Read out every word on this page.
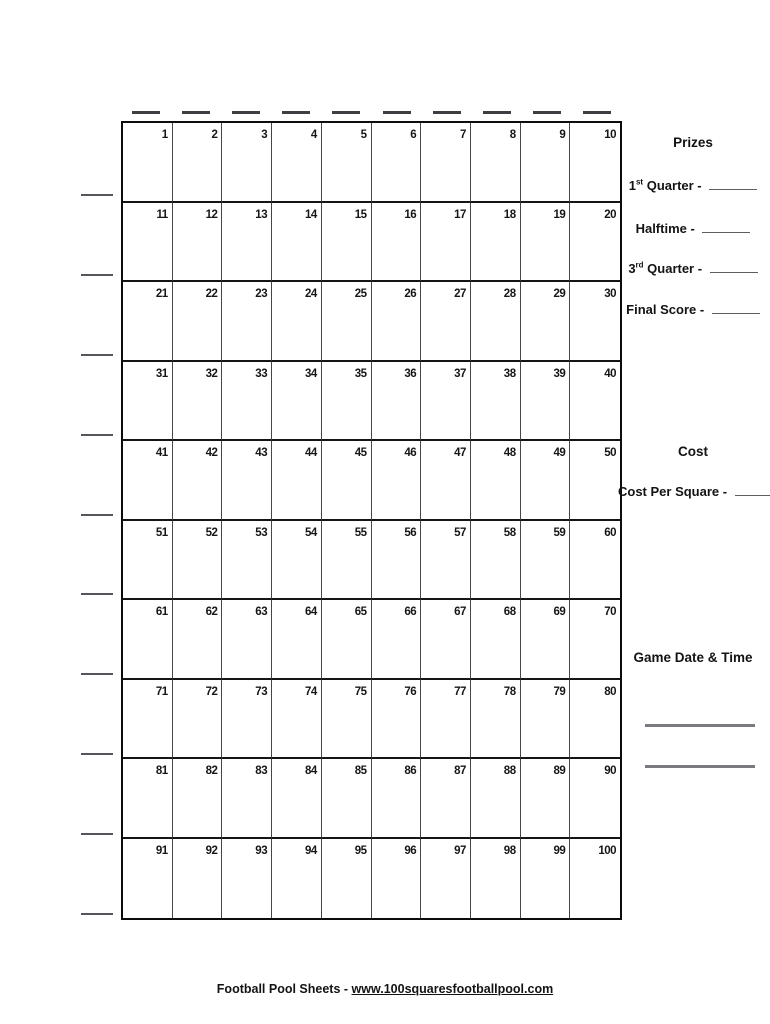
1	2	3	4	5	6	7	8	9	10
11	12	13	14	15	16	17	18	19	20
21	22	23	24	25	26	27	28	29	30
31	32	33	34	35	36	37	38	39	40
41	42	43	44	45	46	47	48	49	50
51	52	53	54	55	56	57	58	59	60
61	62	63	64	65	66	67	68	69	70
71	72	73	74	75	76	77	78	79	80
81	82	83	84	85	86	87	88	89	90
91	92	93	94	95	96	97	98	99	100
Prizes
1st Quarter -
Halftime -
3rd Quarter -
Final Score -
Cost
Cost Per Square -
Game Date & Time
Football Pool Sheets - www.100squaresfootballpool.com
